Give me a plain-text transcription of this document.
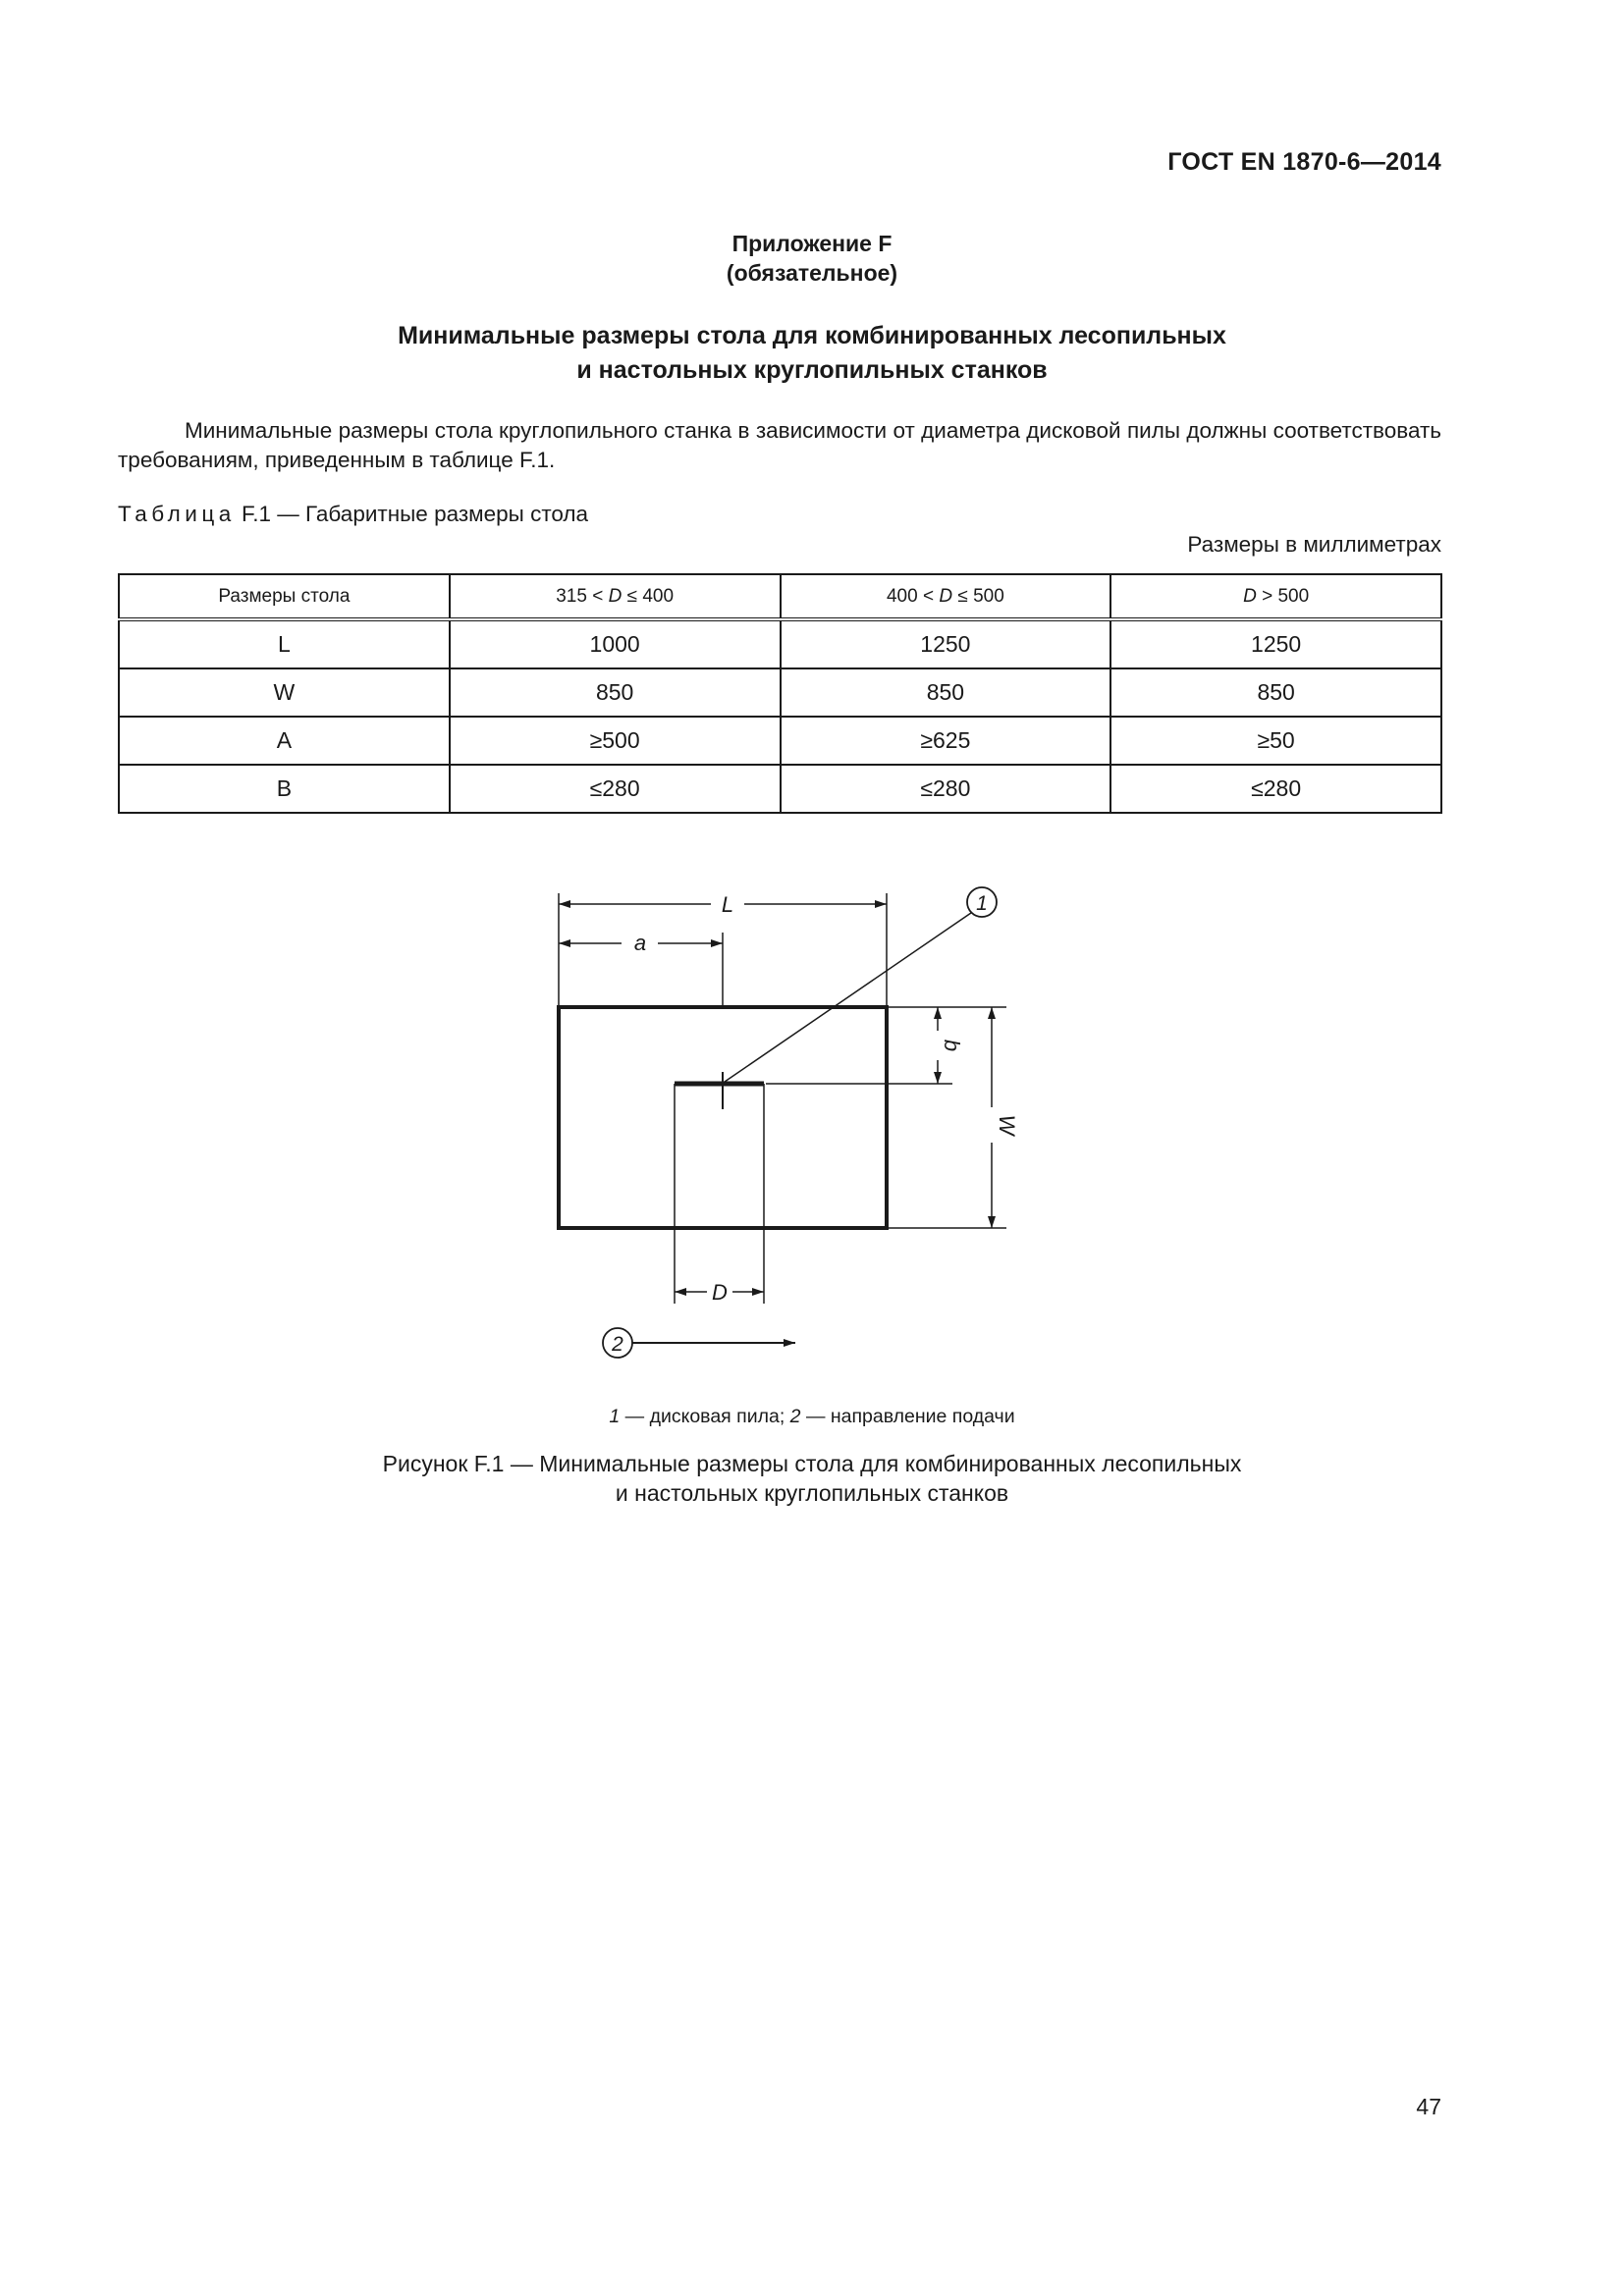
ГОСТ EN 1870-6—2014
Приложение F
(обязательное)
Минимальные размеры стола для комбинированных лесопильных
и настольных круглопильных станков

Минимальные размеры стола круглопильного станка в зависимости от диаметра дисковой пилы должны соответствовать требованиям, приведенным в таблице F.1.

Таблица F.1 — Габаритные размеры стола
Размеры в миллиметрах
Размеры стола	315 < D ≤ 400	400 < D ≤ 500	D > 500
L	1000	1250	1250
W	850	850	850
A	≥500	≥625	≥50
B	≤280	≤280	≤280
L
a
b
W
D
1
2
1 — дисковая пила; 2 — направление подачи
Рисунок F.1 — Минимальные размеры стола для комбинированных лесопильных
и настольных круглопильных станков
47
